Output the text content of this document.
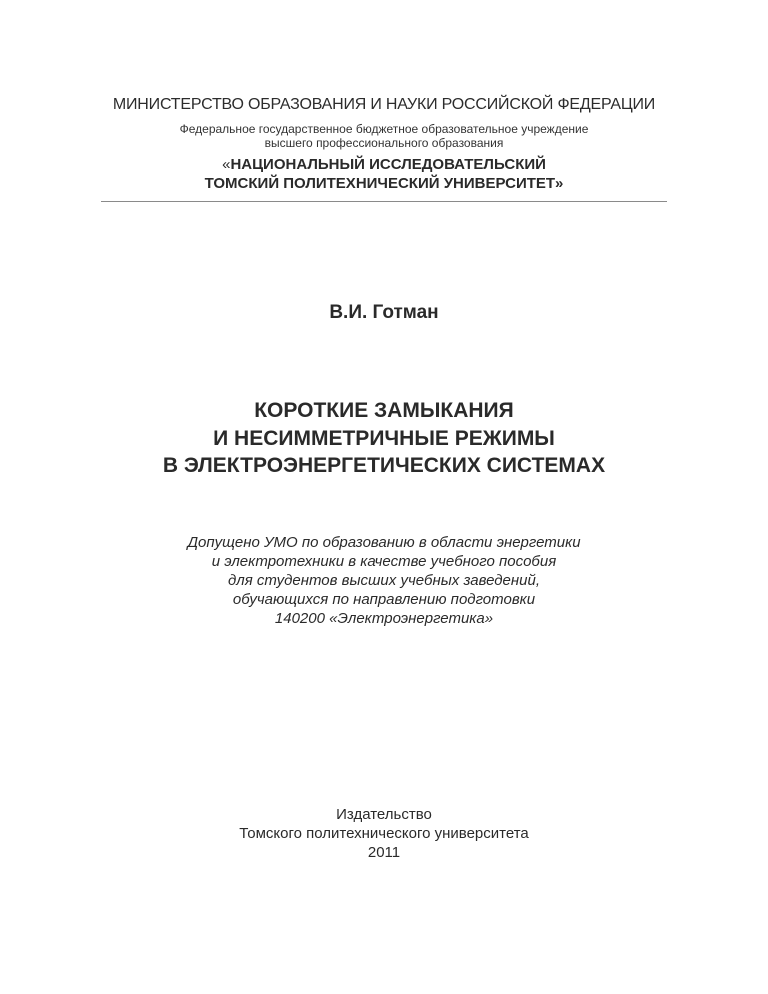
МИНИСТЕРСТВО ОБРАЗОВАНИЯ И НАУКИ РОССИЙСКОЙ ФЕДЕРАЦИИ
Федеральное государственное бюджетное образовательное учреждение
высшего профессионального образования
«НАЦИОНАЛЬНЫЙ ИССЛЕДОВАТЕЛЬСКИЙ
ТОМСКИЙ ПОЛИТЕХНИЧЕСКИЙ УНИВЕРСИТЕТ»
В.И. Готман
КОРОТКИЕ ЗАМЫКАНИЯ
И НЕСИММЕТРИЧНЫЕ РЕЖИМЫ
В ЭЛЕКТРОЭНЕРГЕТИЧЕСКИХ СИСТЕМАХ
Допущено УМО по образованию в области энергетики
и электротехники в качестве учебного пособия
для студентов высших учебных заведений,
обучающихся по направлению подготовки
140200 «Электроэнергетика»
Издательство
Томского политехнического университета
2011
